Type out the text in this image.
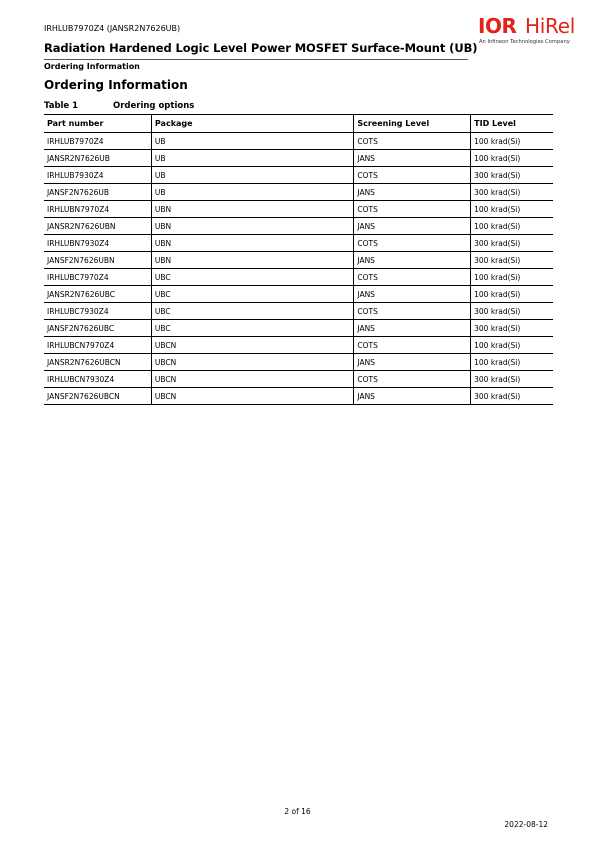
IRHLUB7970Z4 (JANSR2N7626UB)
Radiation Hardened Logic Level Power MOSFET Surface-Mount (UB)
IOR HiRel
An Infineon Technologies Company
Ordering Information
Ordering Information
Table 1	Ordering options
Part number	Package	Screening Level	TID Level
IRHLUB7970Z4	UB	COTS	100 krad(Si)
JANSR2N7626UB	UB	JANS	100 krad(Si)
IRHLUB7930Z4	UB	COTS	300 krad(Si)
JANSF2N7626UB	UB	JANS	300 krad(Si)
IRHLUBN7970Z4	UBN	COTS	100 krad(Si)
JANSR2N7626UBN	UBN	JANS	100 krad(Si)
IRHLUBN7930Z4	UBN	COTS	300 krad(Si)
JANSF2N7626UBN	UBN	JANS	300 krad(Si)
IRHLUBC7970Z4	UBC	COTS	100 krad(Si)
JANSR2N7626UBC	UBC	JANS	100 krad(Si)
IRHLUBC7930Z4	UBC	COTS	300 krad(Si)
JANSF2N7626UBC	UBC	JANS	300 krad(Si)
IRHLUBCN7970Z4	UBCN	COTS	100 krad(Si)
JANSR2N7626UBCN	UBCN	JANS	100 krad(Si)
IRHLUBCN7930Z4	UBCN	COTS	300 krad(Si)
JANSF2N7626UBCN	UBCN	JANS	300 krad(Si)
2 of 16
2022-08-12
